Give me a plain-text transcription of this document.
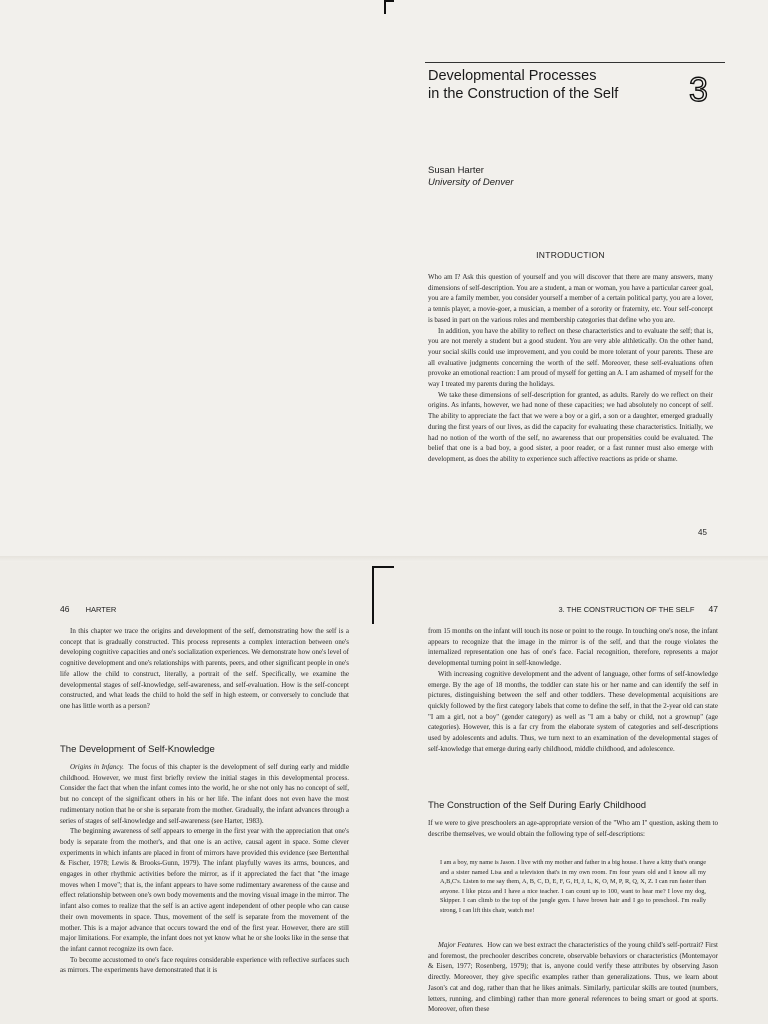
Developmental Processes
in the Construction of the Self	3
Susan Harter
University of Denver
INTRODUCTION

Who am I? Ask this question of yourself and you will discover that there are many answers, many dimensions of self-description. You are a student, a man or woman, you have a particular career goal, you are a family member, you consider yourself a member of a certain political party, you are a lover, a tennis player, a movie-goer, a musician, a member of a sorority or fraternity, etc. Your self-concept is based in part on the various roles and membership categories that define who you are.

In addition, you have the ability to reflect on these characteristics and to evaluate the self; that is, you are not merely a student but a good student. You are very able althletically. On the other hand, your social skills could use improvement, and you could be more tolerant of your parents. These are all evaluative judgments concerning the worth of the self. Moreover, these self-evaluations often provoke an emotional reaction: I am proud of myself for getting an A. I am ashamed of myself for the way I treated my parents during the holidays.

We take these dimensions of self-description for granted, as adults. Rarely do we reflect on their origins. As infants, however, we had none of these capacities; we had absolutely no concept of self. The ability to appreciate the fact that we were a boy or a girl, a son or a daughter, emerged gradually during the first years of our lives, as did the capacity for evaluating these characteristics. Initially, we had no notion of the worth of the self, no awareness that our propensities could be evaluated. The belief that one is a bad boy, a good sister, a poor reader, or a fast runner must also emerge with development, as does the ability to experience such affective reactions as pride or shame.

45
46 HARTER

In this chapter we trace the origins and development of the self, demonstrating how the self is a concept that is gradually constructed. This process represents a complex interaction between one's developing cognitive capacities and one's socialization experiences. We demonstrate how one's level of cognitive development and one's relationships with parents, peers, and other significant people in one's life allow the child to construct, literally, a portrait of the self. Specifically, we examine the developmental stages of self-knowledge, self-awareness, and self-evaluation. How is the self-concept constructed, and what leads the child to hold the self in high esteem, or conversely to conclude that one has little worth as a person?

The Development of Self-Knowledge

Origins in Infancy. The focus of this chapter is the development of self during early and middle childhood. However, we must first briefly review the initial stages in this developmental process. Consider the fact that when the infant comes into the world, he or she not only has no concept of self, but no concept of the significant others in his or her life. The infant does not even have the most rudimentary notion that he or she is separate from the mother. Gradually, the infant advances through a series of stages of self-knowledge and self-awareness (see Harter, 1983).

The beginning awareness of self appears to emerge in the first year with the appreciation that one's body is separate from the mother's, and that one is an active, causal agent in space. Some clever experiments in which infants are placed in front of mirrors have provided this evidence (see Bertenthal & Fischer, 1978; Lewis & Brooks-Gunn, 1979). The infant playfully waves its arms, bounces, and engages in other rhythmic activities before the mirror, as if it appreciated the fact that "the image moves when I move"; that is, the infant appears to have some rudimentary awareness of the cause and effect relationship between one's own body movements and the moving visual image in the mirror. The infant also comes to realize that the self is an active agent independent of other people who can cause their own movements in space. Thus, movement of the self is separate from the movement of the mother. This is a major advance that occurs toward the end of the first year. However, there are still major limitations. For example, the infant does not yet know what he or she looks like in the sense that the infant cannot recognize its own face.

To become accustomed to one's face requires considerable experience with reflective surfaces such as mirrors. The experiments have demonstrated that it is

3. THE CONSTRUCTION OF THE SELF 47

from 15 months on the infant will touch its nose or point to the rouge. In touching one's nose, the infant appears to recognize that the image in the mirror is of the self, and that the rouge violates the internalized representation one has of one's face. Facial recognition, therefore, represents a major developmental turning point in self-knowledge.

With increasing cognitive development and the advent of language, other forms of self-knowledge emerge. By the age of 18 months, the toddler can state his or her name and can identify the self in pictures, distinguishing between the self and other toddlers. These developmental acquisitions are quickly followed by the first category labels that come to define the self, in that the 2-year old can state "I am a girl, not a boy" (gender category) as well as "I am a baby or child, not a grownup" (age categories). However, this is a far cry from the elaborate system of categories and self-descriptions used by adolescents and adults. Thus, we turn next to an examination of the developmental stages of self-knowledge that emerge during early childhood, middle childhood, and adolescence.

The Construction of the Self During Early Childhood

If we were to give preschoolers an age-appropriate version of the "Who am I" question, asking them to describe themselves, we would obtain the following type of self-descriptions:

I am a boy, my name is Jason. I live with my mother and father in a big house. I have a kitty that's orange and a sister named Lisa and a television that's in my own room. I'm four years old and I know all my A,B,C's. Listen to me say them, A, B, C, D, E, F, G, H, J, L, K, O, M, P, R, Q, X, Z. I can run faster than anyone. I like pizza and I have a nice teacher. I can count up to 100, want to hear me? I love my dog, Skipper. I can climb to the top of the jungle gym. I have brown hair and I go to preschool. I'm really strong, I can lift this chair, watch me!

Major Features. How can we best extract the characteristics of the young child's self-portrait? First and foremost, the prechooler describes concrete, observable behaviors or characteristics (Montemayor & Eisen, 1977; Rosenberg, 1979); that is, anyone could verify these attributes by observing Jason directly. Moreover, they give specific examples rather than generalizations. Thus, we learn about Jason's cat and dog, rather than that he likes animals. Similarly, particular skills are touted (numbers, letters, running, and climbing) rather than more general references to being smart or good at sports. Moreover, often these
